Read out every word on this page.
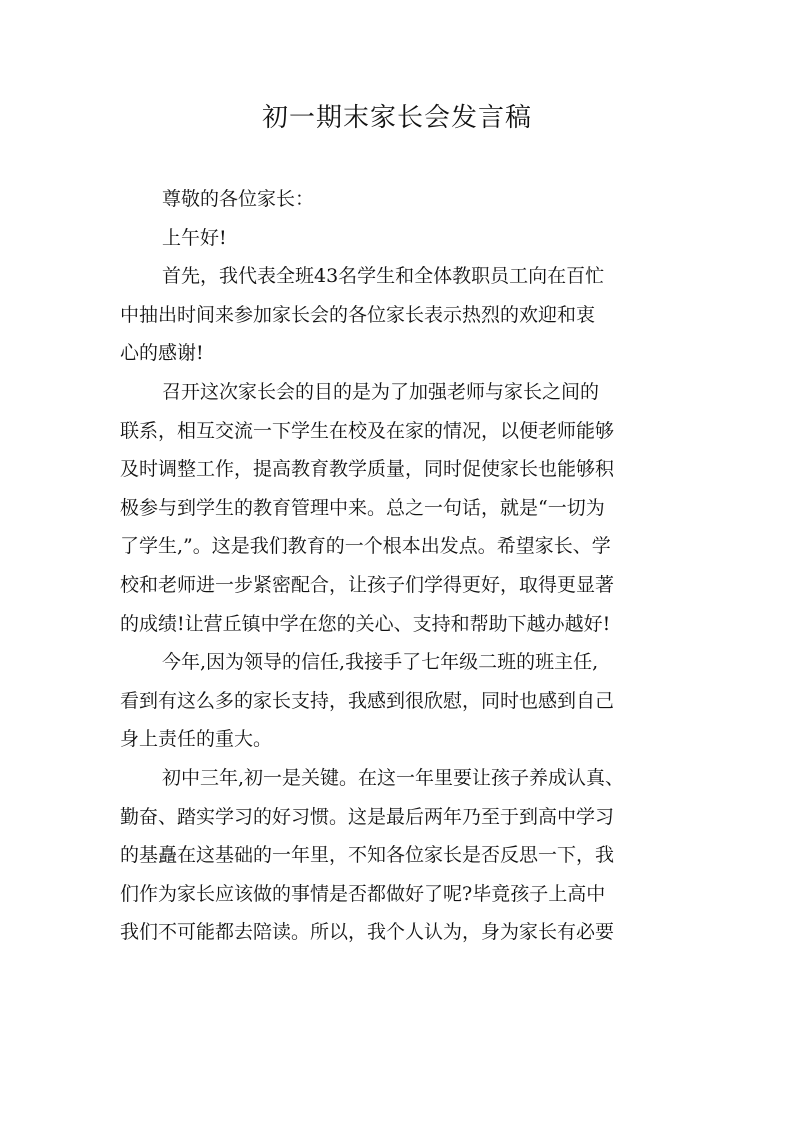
初一期末家长会发言稿
尊敬的各位家长：
上午好!
首先，我代表全班43名学生和全体教职员工向在百忙
中抽出时间来参加家长会的各位家长表示热烈的欢迎和衷
心的感谢!
召开这次家长会的目的是为了加强老师与家长之间的
联系，相互交流一下学生在校及在家的情况，以便老师能够
及时调整工作，提高教育教学质量，同时促使家长也能够积
极参与到学生的教育管理中来。总之一句话，就是“一切为
了学生,”。这是我们教育的一个根本出发点。希望家长、学
校和老师进一步紧密配合，让孩子们学得更好，取得更显著
的成绩!让营丘镇中学在您的关心、支持和帮助下越办越好!
今年,因为领导的信任,我接手了七年级二班的班主任,
看到有这么多的家长支持，我感到很欣慰，同时也感到自己
身上责任的重大。
初中三年,初一是关键。在这一年里要让孩子养成认真、
勤奋、踏实学习的好习惯。这是最后两年乃至于到高中学习
的基矗在这基础的一年里，不知各位家长是否反思一下，我
们作为家长应该做的事情是否都做好了呢?毕竟孩子上高中
我们不可能都去陪读。所以，我个人认为，身为家长有必要
